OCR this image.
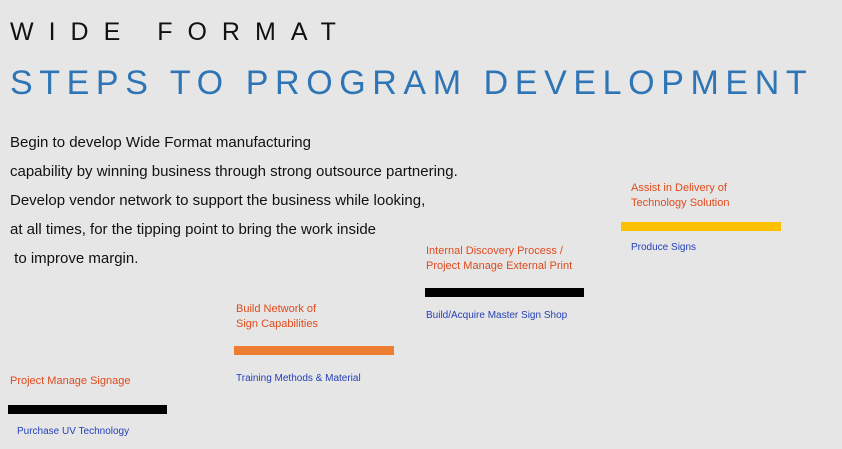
WIDE FORMAT
STEPS TO PROGRAM DEVELOPMENT
Begin to develop Wide Format manufacturing
capability by winning business through strong outsource partnering.
Develop vendor network to support the business while looking,
at all times, for the tipping point to bring the work inside
to improve margin.
Project Manage Signage
Purchase UV Technology
Build Network of
Sign Capabilities
Training Methods & Material
Internal Discovery Process /
Project Manage External Print
Build/Acquire Master Sign Shop
Assist in Delivery of
Technology Solution
Produce Signs
